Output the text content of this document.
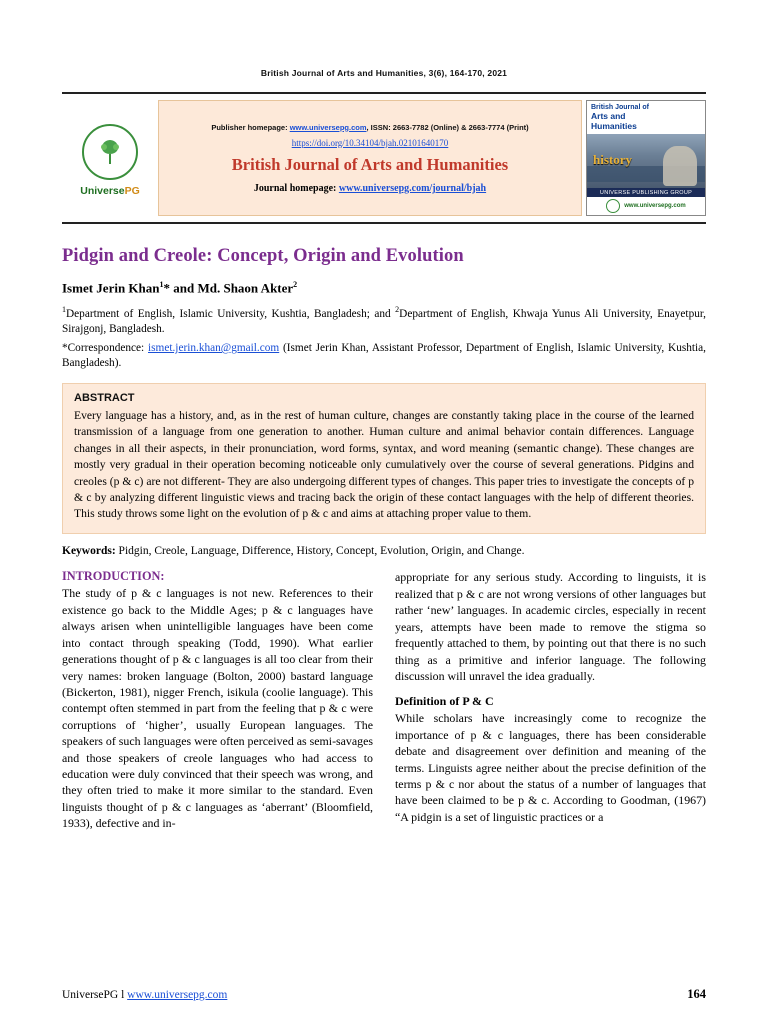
British Journal of Arts and Humanities, 3(6), 164-170, 2021
UniversePG
Publisher homepage: www.universepg.com, ISSN: 2663-7782 (Online) & 2663-7774 (Print)
https://doi.org/10.34104/bjah.02101640170
British Journal of Arts and Humanities
Journal homepage: www.universepg.com/journal/bjah
British Journal of
Arts and
Humanities
history
UNIVERSE PUBLISHING GROUP
www.universepg.com
Pidgin and Creole: Concept, Origin and Evolution
Ismet Jerin Khan$^1$* and Md. Shaon Akter$^2$
$^1$Department of English, Islamic University, Kushtia, Bangladesh; and $^2$Department of English, Khwaja Yunus Ali University, Enayetpur, Sirajgonj, Bangladesh.
*Correspondence: ismet.jerin.khan@gmail.com (Ismet Jerin Khan, Assistant Professor, Department of English, Islamic University, Kushtia, Bangladesh).
ABSTRACT
Every language has a history, and, as in the rest of human culture, changes are constantly taking place in the course of the learned transmission of a language from one generation to another. Human culture and animal behavior contain differences. Language changes in all their aspects, in their pronunciation, word forms, syntax, and word meaning (semantic change). These changes are mostly very gradual in their operation becoming noticeable only cumulatively over the course of several generations. Pidgins and creoles (p & c) are not different- They are also undergoing different types of changes. This paper tries to investigate the concepts of p & c by analyzing different linguistic views and tracing back the origin of these contact languages with the help of different theories. This study throws some light on the evolution of p & c and aims at attaching proper value to them.
Keywords: Pidgin, Creole, Language, Difference, History, Concept, Evolution, Origin, and Change.
INTRODUCTION:

The study of p & c languages is not new. References to their existence go back to the Middle Ages; p & c languages have always arisen when unintelligible languages have been come into contact through speaking (Todd, 1990). What earlier generations thought of p & c languages is all too clear from their very names: broken language (Bolton, 2000) bastard language (Bickerton, 1981), nigger French, isikula (coolie language). This contempt often stemmed in part from the feeling that p & c were corruptions of ‘higher’, usually European languages. The speakers of such languages were often perceived as semi-savages and those speakers of creole languages who had access to education were duly convinced that their speech was wrong, and they often tried to make it more similar to the standard. Even linguists thought of p & c languages as ‘aberrant’ (Bloomfield, 1933), defective and in-

appropriate for any serious study. According to linguists, it is realized that p & c are not wrong versions of other languages but rather ‘new’ languages. In academic circles, especially in recent years, attempts have been made to remove the stigma so frequently attached to them, by pointing out that there is no such thing as a primitive and inferior language. The following discussion will unravel the idea gradually.

Definition of P & C

While scholars have increasingly come to recognize the importance of p & c languages, there has been considerable debate and disagreement over definition and meaning of the terms. Linguists agree neither about the precise definition of the terms p & c nor about the status of a number of languages that have been claimed to be p & c. According to Goodman, (1967) “A pidgin is a set of linguistic practices or a

UniversePG l www.universepg.com	164
